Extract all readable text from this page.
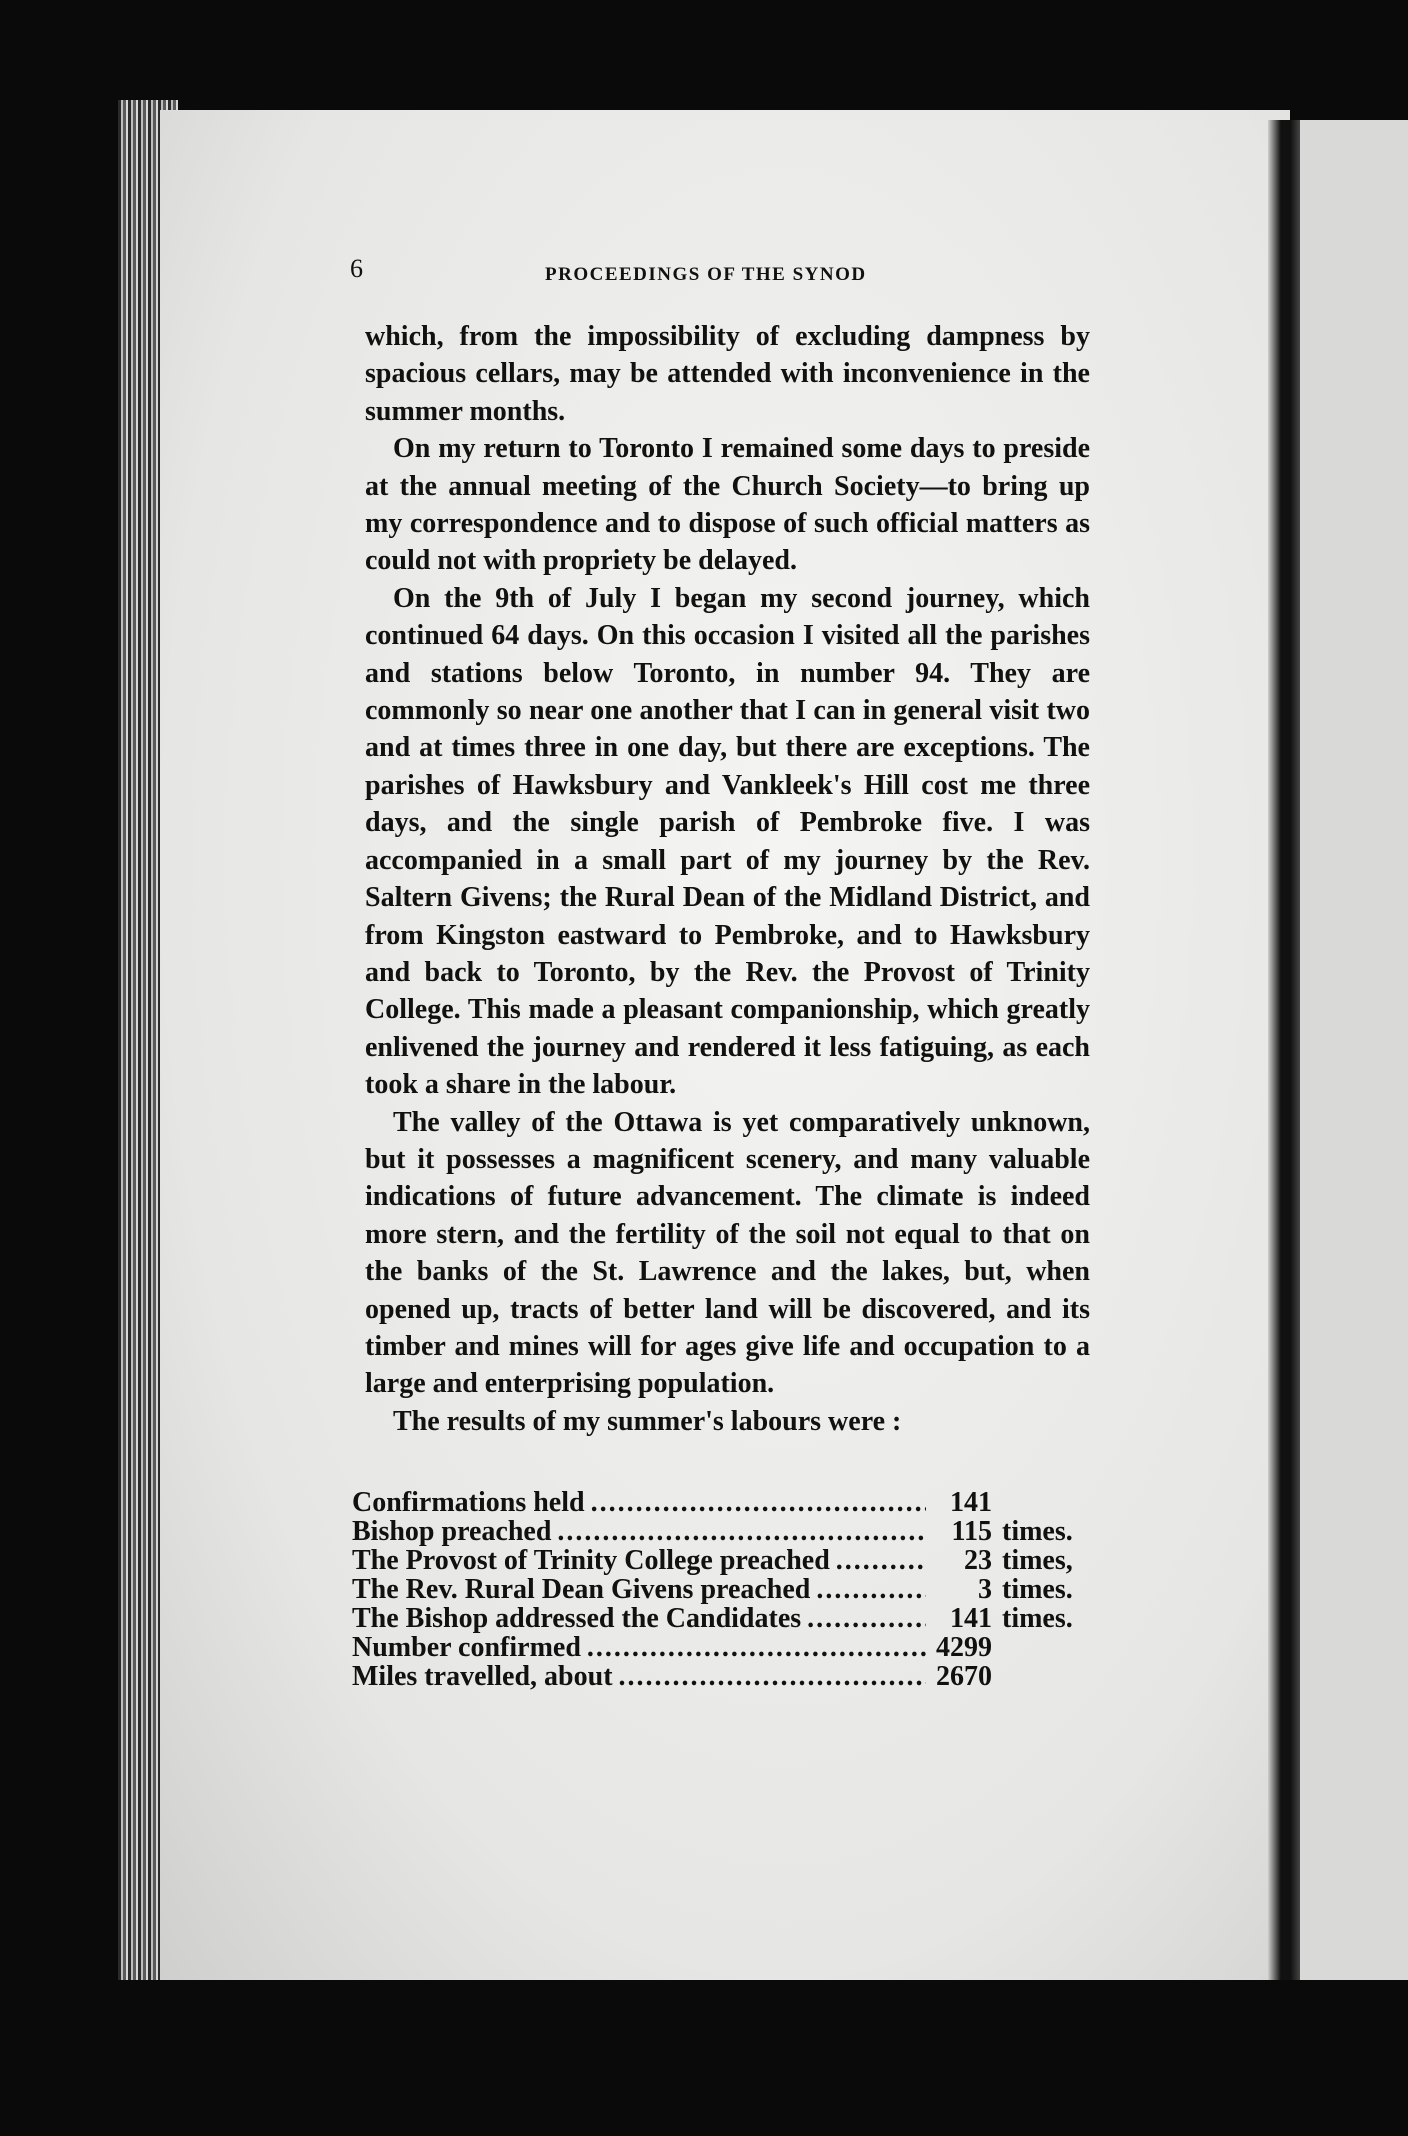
6	PROCEEDINGS OF THE SYNOD

which, from the impossibility of excluding dampness by spacious cellars, may be attended with inconvenience in the summer months.

On my return to Toronto I remained some days to preside at the annual meeting of the Church Society—to bring up my correspondence and to dispose of such official matters as could not with propriety be delayed.

On the 9th of July I began my second journey, which continued 64 days. On this occasion I visited all the parishes and stations below Toronto, in number 94. They are commonly so near one another that I can in general visit two and at times three in one day, but there are exceptions. The parishes of Hawksbury and Vankleek's Hill cost me three days, and the single parish of Pembroke five. I was accompanied in a small part of my journey by the Rev. Saltern Givens; the Rural Dean of the Midland District, and from Kingston eastward to Pembroke, and to Hawksbury and back to Toronto, by the Rev. the Provost of Trinity College. This made a pleasant companionship, which greatly enlivened the journey and rendered it less fatiguing, as each took a share in the labour.

The valley of the Ottawa is yet comparatively unknown, but it possesses a magnificent scenery, and many valuable indications of future advancement. The climate is indeed more stern, and the fertility of the soil not equal to that on the banks of the St. Lawrence and the lakes, but, when opened up, tracts of better land will be discovered, and its timber and mines will for ages give life and occupation to a large and enterprising population.

The results of my summer's labours were :

Confirmations held .....	141
Bishop preached .....	115 times.
The Provost of Trinity College preached .....	23 times,
The Rev. Rural Dean Givens preached .....	3 times.
The Bishop addressed the Candidates .....	141 times.
Number confirmed .....	4299
Miles travelled, about .....	2670
